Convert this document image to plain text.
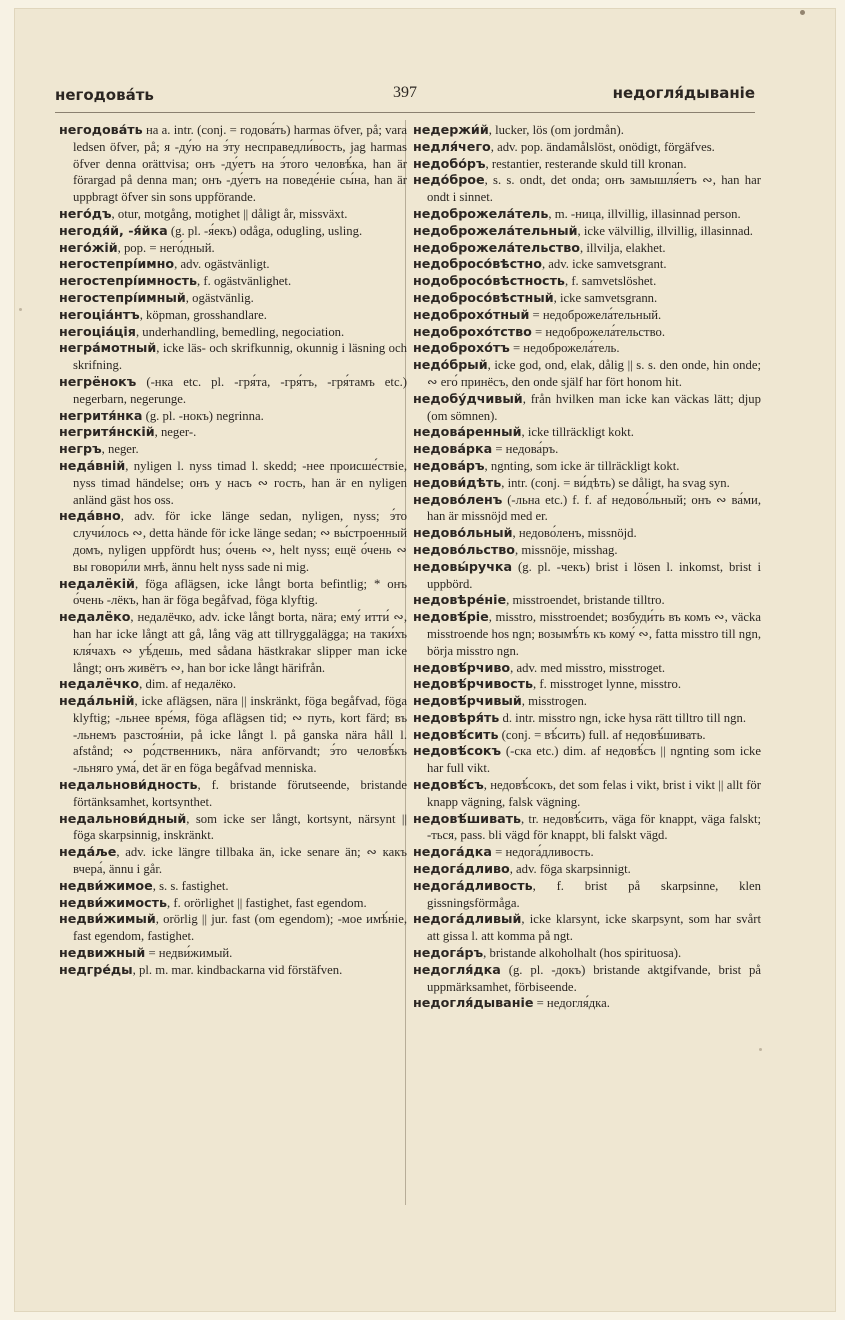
негодова́ть	397	недогля́дываніе

негодова́ть на a. intr. (conj. = годова́ть) harmas öfver, på; vara ledsen öfver, på; я -ду́ю на э́ту несправедли́вость, jag harmas öfver denna orättvisa; онъ -ду́етъ на э́того человѣ́ка, han är förargad på denna man; онъ -ду́етъ на поведе́ніе сы́на, han är uppbragt öfver sin sons uppförande.

него́дъ, otur, motgång, motighet || dåligt år, missväxt.

негодя́й, -я́йка (g. pl. -я́екъ) odåga, odugling, usling.

него́жій, pop. = него́дный.

негостепрі́имно, adv. ogästvänligt.

негостепрі́имность, f. ogästvänlighet.

негостепрі́имный, ogästvänlig.

негоціа́нтъ, köpman, grosshandlare.

негоціа́ція, underhandling, bemedling, negociation.

негра́мотный, icke läs- och skrifkunnig, okunnig i läsning och skrifning.

негрёнокъ (-нка etc. pl. -гря́та, -гря́тъ, -гря́тамъ etc.) negerbarn, negerunge.

негритя́нка (g. pl. -нокъ) negrinna.

негритя́нскій, neger-.

негръ, neger.

неда́вній, nyligen l. nyss timad l. skedd; -нее происше́ствіе, nyss timad händelse; онъ у насъ ∾ гость, han är en nyligen anländ gäst hos oss.

неда́вно, adv. för icke länge sedan, nyligen, nyss; э́то случи́лось ∾, detta hände för icke länge sedan; ∾ вы́строенный домъ, nyligen uppfördt hus; о́чень ∾, helt nyss; ещё о́чень ∾ вы говори́ли мнѣ, ännu helt nyss sade ni mig.

недалёкій, föga aflägsen, icke långt borta befintlig; * онъ о́чень -лёкъ, han är föga begåfvad, föga klyftig.

недалёко, недалёчко, adv. icke långt borta, nära; ему́ итти́ ∾, han har icke långt att gå, lång väg att tillryggalägga; на таки́хъ кля́чахъ ∾ уѣ́дешь, med sådana hästkrakar slipper man icke långt; онъ живётъ ∾, han bor icke långt härifrån.

недалёчко, dim. af недалёко.

неда́льній, icke aflägsen, nära || inskränkt, föga begåfvad, föga klyftig; -льнее вре́мя, föga aflägsen tid; ∾ путь, kort färd; въ -льнемъ разстоя́ніи, på icke långt l. på ganska nära håll l. afstånd; ∾ ро́дственникъ, nära anförvandt; э́то человѣ́къ -льняго ума́, det är en föga begåfvad menniska.

недальнови́дность, f. bristande förutseende, bristande förtänksamhet, kortsynthet.

недальнови́дный, som icke ser långt, kortsynt, närsynt || föga skarpsinnig, inskränkt.

неда́ље, adv. icke längre tillbaka än, icke senare än; ∾ какъ вчера́, ännu i går.

недви́жимое, s. s. fastighet.

недви́жимость, f. orörlighet || fastighet, fast egendom.

недви́жимый, orörlig || jur. fast (om egendom); -мое имѣ́ніе, fast egendom, fastighet.

недвижный = недви́жимый.

недгре́ды, pl. m. mar. kindbackarna vid förstäfven.

недержи́й, lucker, lös (om jordmån).

недля́чего, adv. pop. ändamålslöst, onödigt, förgäfves.

недобо́ръ, restantier, resterande skuld till kronan.

недо́брое, s. s. ondt, det onda; онъ замышля́етъ ∾, han har ondt i sinnet.

недоброжела́тель, m. -ница, illvillig, illasinnad person.

недоброжела́тельный, icke välvillig, illvillig, illasinnad.

недоброжела́тельство, illvilja, elakhet.

недобросо́вѣстно, adv. icke samvetsgrant.

нодобросо́вѣстность, f. samvetslöshet.

недобросо́вѣстный, icke samvetsgrann.

недоброхо́тный = недоброжела́тельный.

недоброхо́тство = недоброжела́тельство.

недоброхо́тъ = недоброжела́тель.

недо́брый, icke god, ond, elak, dålig || s. s. den onde, hin onde; ∾ его́ принёсъ, den onde själf har fört honom hit.

недобу́дчивый, från hvilken man icke kan väckas lätt; djup (om sömnen).

недова́ренный, icke tillräckligt kokt.

недова́рка = недова́ръ.

недова́ръ, ngnting, som icke är tillräckligt kokt.

недови́дѣть, intr. (conj. = ви́дѣть) se dåligt, ha svag syn.

недово́ленъ (-льна etc.) f. f. af недово́льный; онъ ∾ ва́ми, han är missnöjd med er.

недово́льный, недово́ленъ, missnöjd.

недово́льство, missnöje, misshag.

недовы́ручка (g. pl. -чекъ) brist i lösen l. inkomst, brist i uppbörd.

недовѣре́ніе, misstroendet, bristande tilltro.

недовѣ́ріе, misstro, misstroendet; возбуди́ть въ комъ ∾, väcka misstroende hos ngn; возымѣ́ть къ кому́ ∾, fatta misstro till ngn, börja misstro ngn.

недовѣ́рчиво, adv. med misstro, misstroget.

недовѣ́рчивость, f. misstroget lynne, misstro.

недовѣ́рчивый, misstrogen.

недовѣря́ть d. intr. misstro ngn, icke hysa rätt tilltro till ngn.

недовѣ́сить (conj. = вѣ́сить) full. af недовѣ́шивать.

недовѣ́сокъ (-ска etc.) dim. af недовѣ́съ || ngnting som icke har full vikt.

недовѣ́съ, недовѣ́сокъ, det som felas i vikt, brist i vikt || allt för knapp vägning, falsk vägning.

недовѣ́шивать, tr. недовѣ́сить, väga för knappt, väga falskt; -ться, pass. bli vägd för knappt, bli falskt vägd.

недога́дка = недога́дливость.

недога́дливо, adv. föga skarpsinnigt.

недога́дливость, f. brist på skarpsinne, klen gissningsförmåga.

недога́дливый, icke klarsynt, icke skarpsynt, som har svårt att gissa l. att komma på ngt.

недога́ръ, bristande alkoholhalt (hos spirituosa).

недогля́дка (g. pl. -докъ) bristande aktgifvande, brist på uppmärksamhet, förbiseende.

недогля́дываніе = недогля́дка.
